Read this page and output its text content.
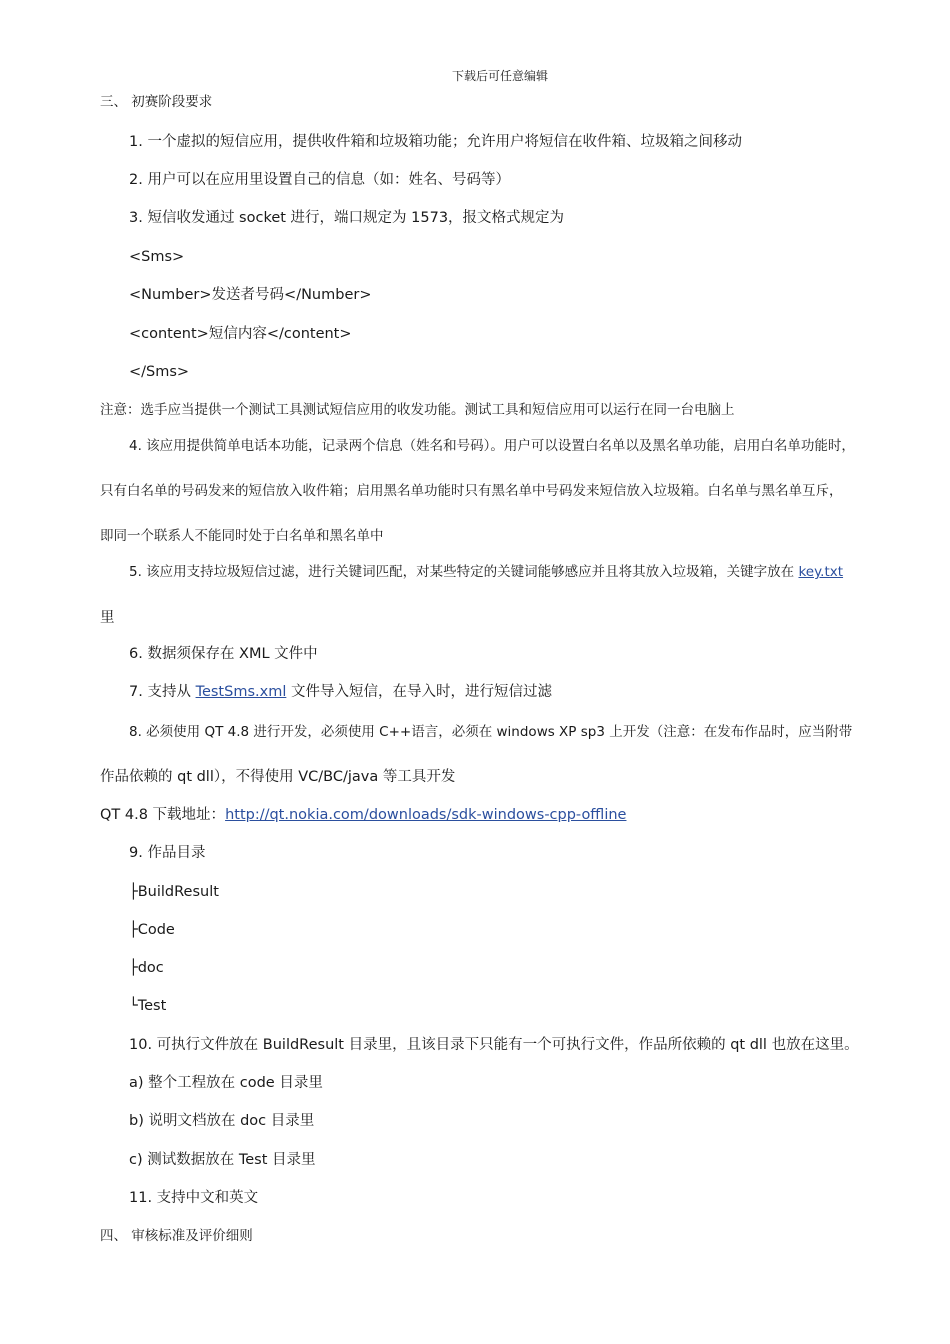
下载后可任意编辑
三、 初赛阶段要求
1. 一个虚拟的短信应用，提供收件箱和垃圾箱功能；允许用户将短信在收件箱、垃圾箱之间移动
2. 用户可以在应用里设置自己的信息（如：姓名、号码等）
3. 短信收发通过 socket 进行，端口规定为 1573，报文格式规定为
<Sms>
<Number>发送者号码</Number>
<content>短信内容</content>
</Sms>
注意：选手应当提供一个测试工具测试短信应用的收发功能。测试工具和短信应用可以运行在同一台电脑上
4. 该应用提供简单电话本功能，记录两个信息（姓名和号码）。用户可以设置白名单以及黑名单功能，启用白名单功能时，
只有白名单的号码发来的短信放入收件箱；启用黑名单功能时只有黑名单中号码发来短信放入垃圾箱。白名单与黑名单互斥，
即同一个联系人不能同时处于白名单和黑名单中
5. 该应用支持垃圾短信过滤，进行关键词匹配，对某些特定的关键词能够感应并且将其放入垃圾箱，关键字放在 key.txt
里
6. 数据须保存在 XML 文件中
7. 支持从 TestSms.xml 文件导入短信，在导入时，进行短信过滤
8. 必须使用 QT 4.8 进行开发，必须使用 C++语言，必须在 windows XP sp3 上开发（注意：在发布作品时，应当附带
作品依赖的 qt dll），不得使用 VC/BC/java 等工具开发
QT 4.8 下载地址：http://qt.nokia.com/downloads/sdk-windows-cpp-offline
9. 作品目录
├BuildResult
├Code
├doc
└Test
10. 可执行文件放在 BuildResult 目录里，且该目录下只能有一个可执行文件，作品所依赖的 qt dll 也放在这里。
a) 整个工程放在 code 目录里
b) 说明文档放在 doc 目录里
c) 测试数据放在 Test 目录里
11. 支持中文和英文
四、 审核标准及评价细则
